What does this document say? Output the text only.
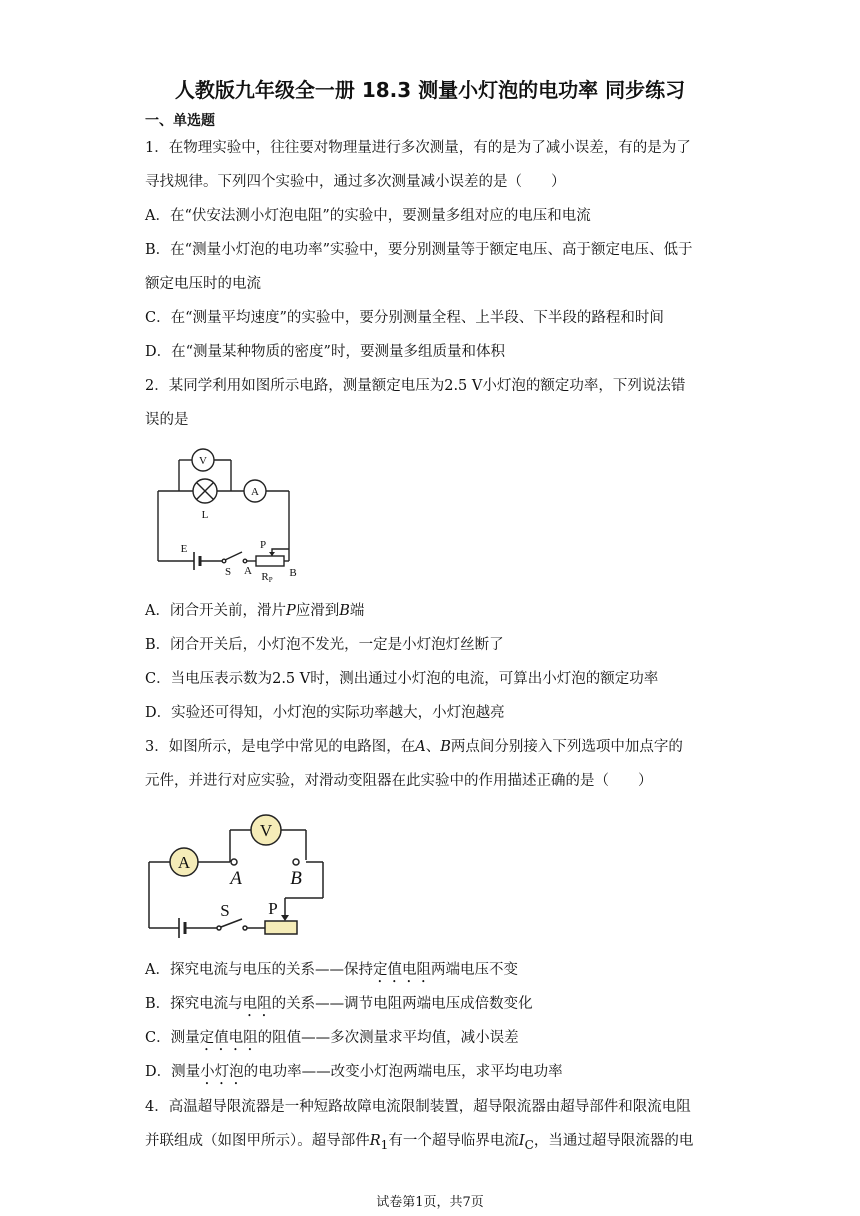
人教版九年级全一册 18.3 测量小灯泡的电功率 同步练习
一、单选题
1．在物理实验中，往往要对物理量进行多次测量，有的是为了减小误差，有的是为了
寻找规律。下列四个实验中，通过多次测量减小误差的是（　　）
A．在“伏安法测小灯泡电阻”的实验中，要测量多组对应的电压和电流
B．在“测量小灯泡的电功率”实验中，要分别测量等于额定电压、高于额定电压、低于
额定电压时的电流
C．在“测量平均速度”的实验中，要分别测量全程、上半段、下半段的路程和时间
D．在“测量某种物质的密度”时，要测量多组质量和体积
2．某同学利用如图所示电路，测量额定电压为2.5 V小灯泡的额定功率，下列说法错
误的是
V
A
L
E
S A
P
RP
B
A．闭合开关前，滑片P应滑到B端
B．闭合开关后，小灯泡不发光，一定是小灯泡灯丝断了
C．当电压表示数为2.5 V时，测出通过小灯泡的电流，可算出小灯泡的额定功率
D．实验还可得知，小灯泡的实际功率越大，小灯泡越亮
3．如图所示，是电学中常见的电路图，在A、B两点间分别接入下列选项中加点字的
元件，并进行对应实验，对滑动变阻器在此实验中的作用描述正确的是（　　）
A
V
A	B
S P
A．探究电流与电压的关系——保持定值电阻两端电压不变
B．探究电流与电阻的关系——调节电阻两端电压成倍数变化
C．测量定值电阻的阻值——多次测量求平均值，减小误差
D．测量小灯泡的电功率——改变小灯泡两端电压，求平均电功率
4．高温超导限流器是一种短路故障电流限制装置，超导限流器由超导部件和限流电阻
并联组成（如图甲所示）。超导部件$R_1$有一个超导临界电流$I_C$，当通过超导限流器的电
试卷第1页，共7页
